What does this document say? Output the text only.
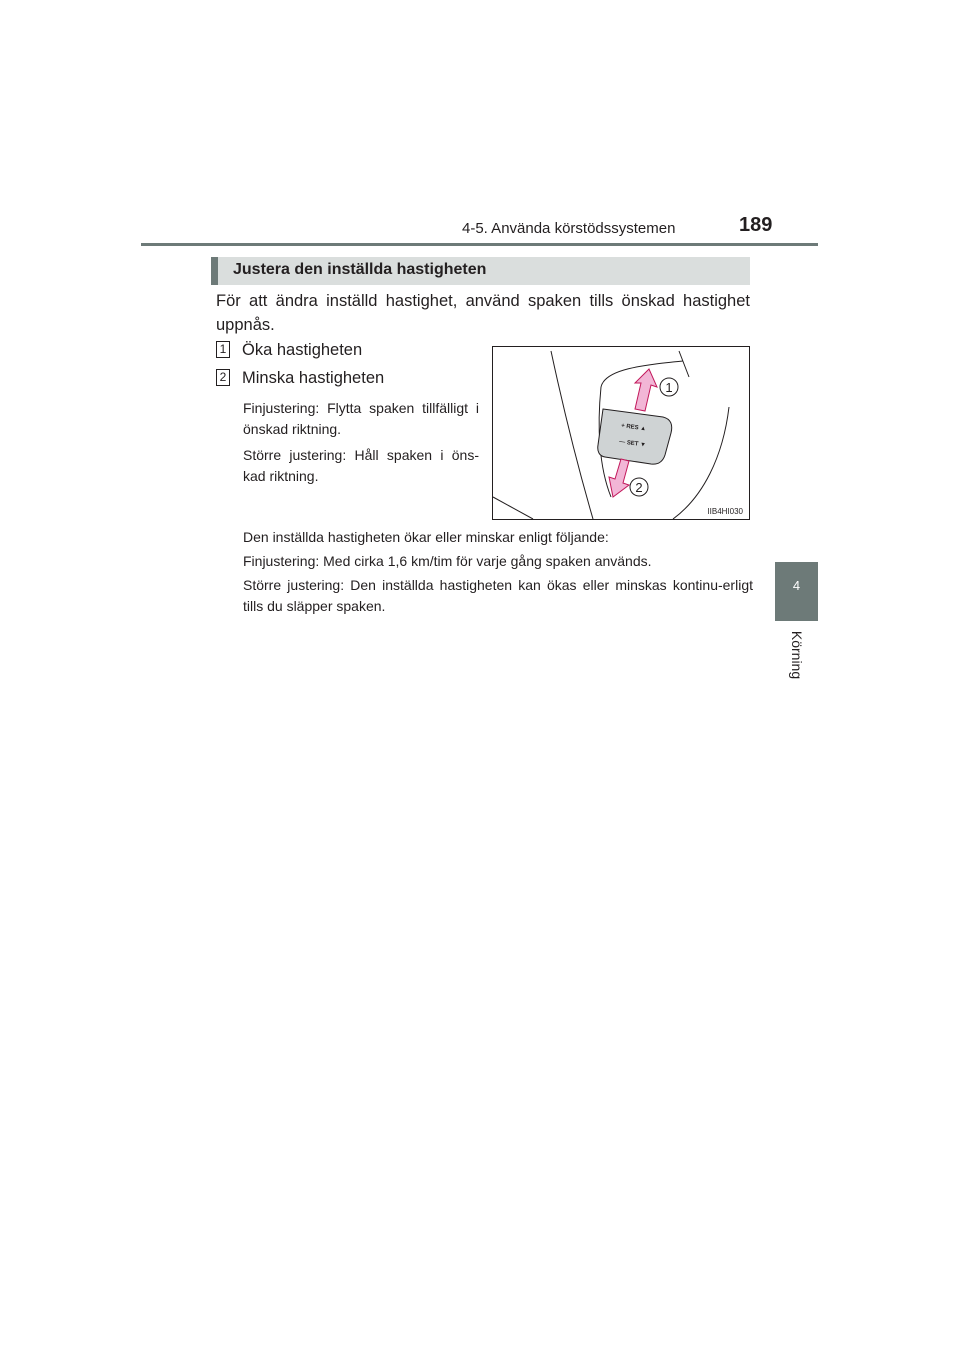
4-5. Använda körstödssystemen	189
4
Körning
Justera den inställda hastigheten
För att ändra inställd hastighet, använd spaken tills önskad hastighet uppnås.
1 Öka hastigheten
2 Minska hastigheten
Finjustering: Flytta spaken tillfälligt i önskad riktning.
Större justering: Håll spaken i öns-kad riktning.
+ RES ▲
— SET ▼
1
2
IIB4HI030
Den inställda hastigheten ökar eller minskar enligt följande:
Finjustering: Med cirka 1,6 km/tim för varje gång spaken används.
Större justering: Den inställda hastigheten kan ökas eller minskas kontinu-erligt tills du släpper spaken.
